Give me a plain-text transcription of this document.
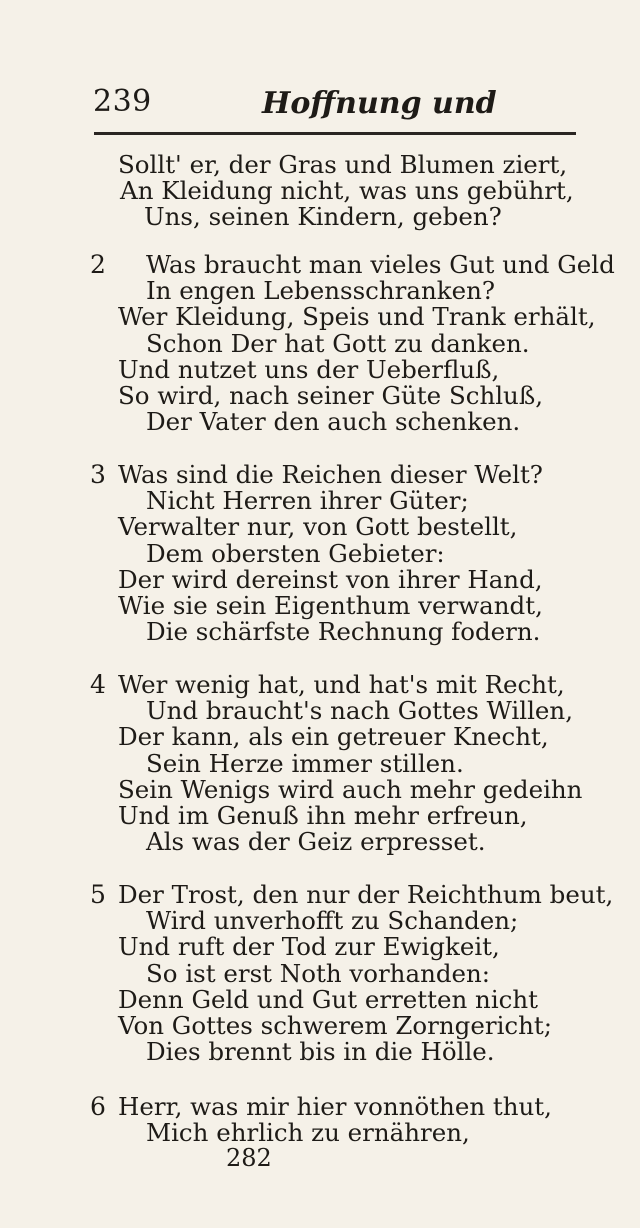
239	Hoffnung und
Sollt' er, der Gras und Blumen ziert,
An Kleidung nicht, was uns gebührt,
Uns, seinen Kindern, geben?
2 Was braucht man vieles Gut und Geld
In engen Lebensschranken?
Wer Kleidung, Speis und Trank erhält,
Schon Der hat Gott zu danken.
Und nutzet uns der Ueberfluß,
So wird, nach seiner Güte Schluß,
Der Vater den auch schenken.
3 Was sind die Reichen dieser Welt?
Nicht Herren ihrer Güter;
Verwalter nur, von Gott bestellt,
Dem obersten Gebieter:
Der wird dereinst von ihrer Hand,
Wie sie sein Eigenthum verwandt,
Die schärfste Rechnung fodern.
4 Wer wenig hat, und hat's mit Recht,
Und braucht's nach Gottes Willen,
Der kann, als ein getreuer Knecht,
Sein Herze immer stillen.
Sein Wenigs wird auch mehr gedeihn
Und im Genuß ihn mehr erfreun,
Als was der Geiz erpresset.
5 Der Trost, den nur der Reichthum beut,
Wird unverhofft zu Schanden;
Und ruft der Tod zur Ewigkeit,
So ist erst Noth vorhanden:
Denn Geld und Gut erretten nicht
Von Gottes schwerem Zorngericht;
Dies brennt bis in die Hölle.
6 Herr, was mir hier vonnöthen thut,
Mich ehrlich zu ernähren,
282
